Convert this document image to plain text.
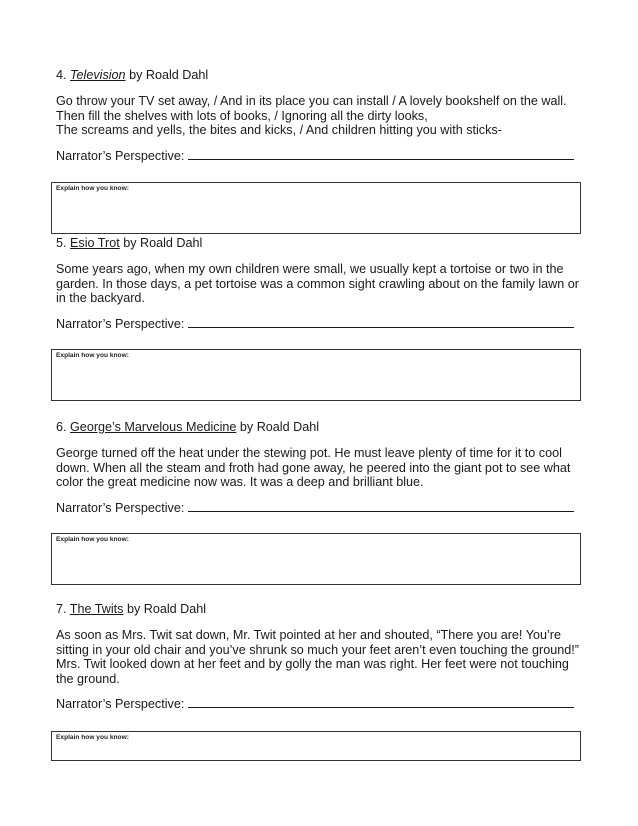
4. Television by Roald Dahl

Go throw your TV set away, / And in its place you can install / A lovely bookshelf on the wall.
Then fill the shelves with lots of books, / Ignoring all the dirty looks,
The screams and yells, the bites and kicks, / And children hitting you with sticks-

Narrator’s Perspective:

Explain how you know:

5. Esio Trot by Roald Dahl

Some years ago, when my own children were small, we usually kept a tortoise or two in the
garden. In those days, a pet tortoise was a common sight crawling about on the family lawn or
in the backyard.

Narrator’s Perspective:

Explain how you know:

6. George’s Marvelous Medicine by Roald Dahl

George turned off the heat under the stewing pot. He must leave plenty of time for it to cool
down. When all the steam and froth had gone away, he peered into the giant pot to see what
color the great medicine now was. It was a deep and brilliant blue.

Narrator’s Perspective:

Explain how you know:

7. The Twits by Roald Dahl

As soon as Mrs. Twit sat down, Mr. Twit pointed at her and shouted, “There you are! You’re
sitting in your old chair and you’ve shrunk so much your feet aren’t even touching the ground!”
Mrs. Twit looked down at her feet and by golly the man was right. Her feet were not touching
the ground.

Narrator’s Perspective:

Explain how you know:
